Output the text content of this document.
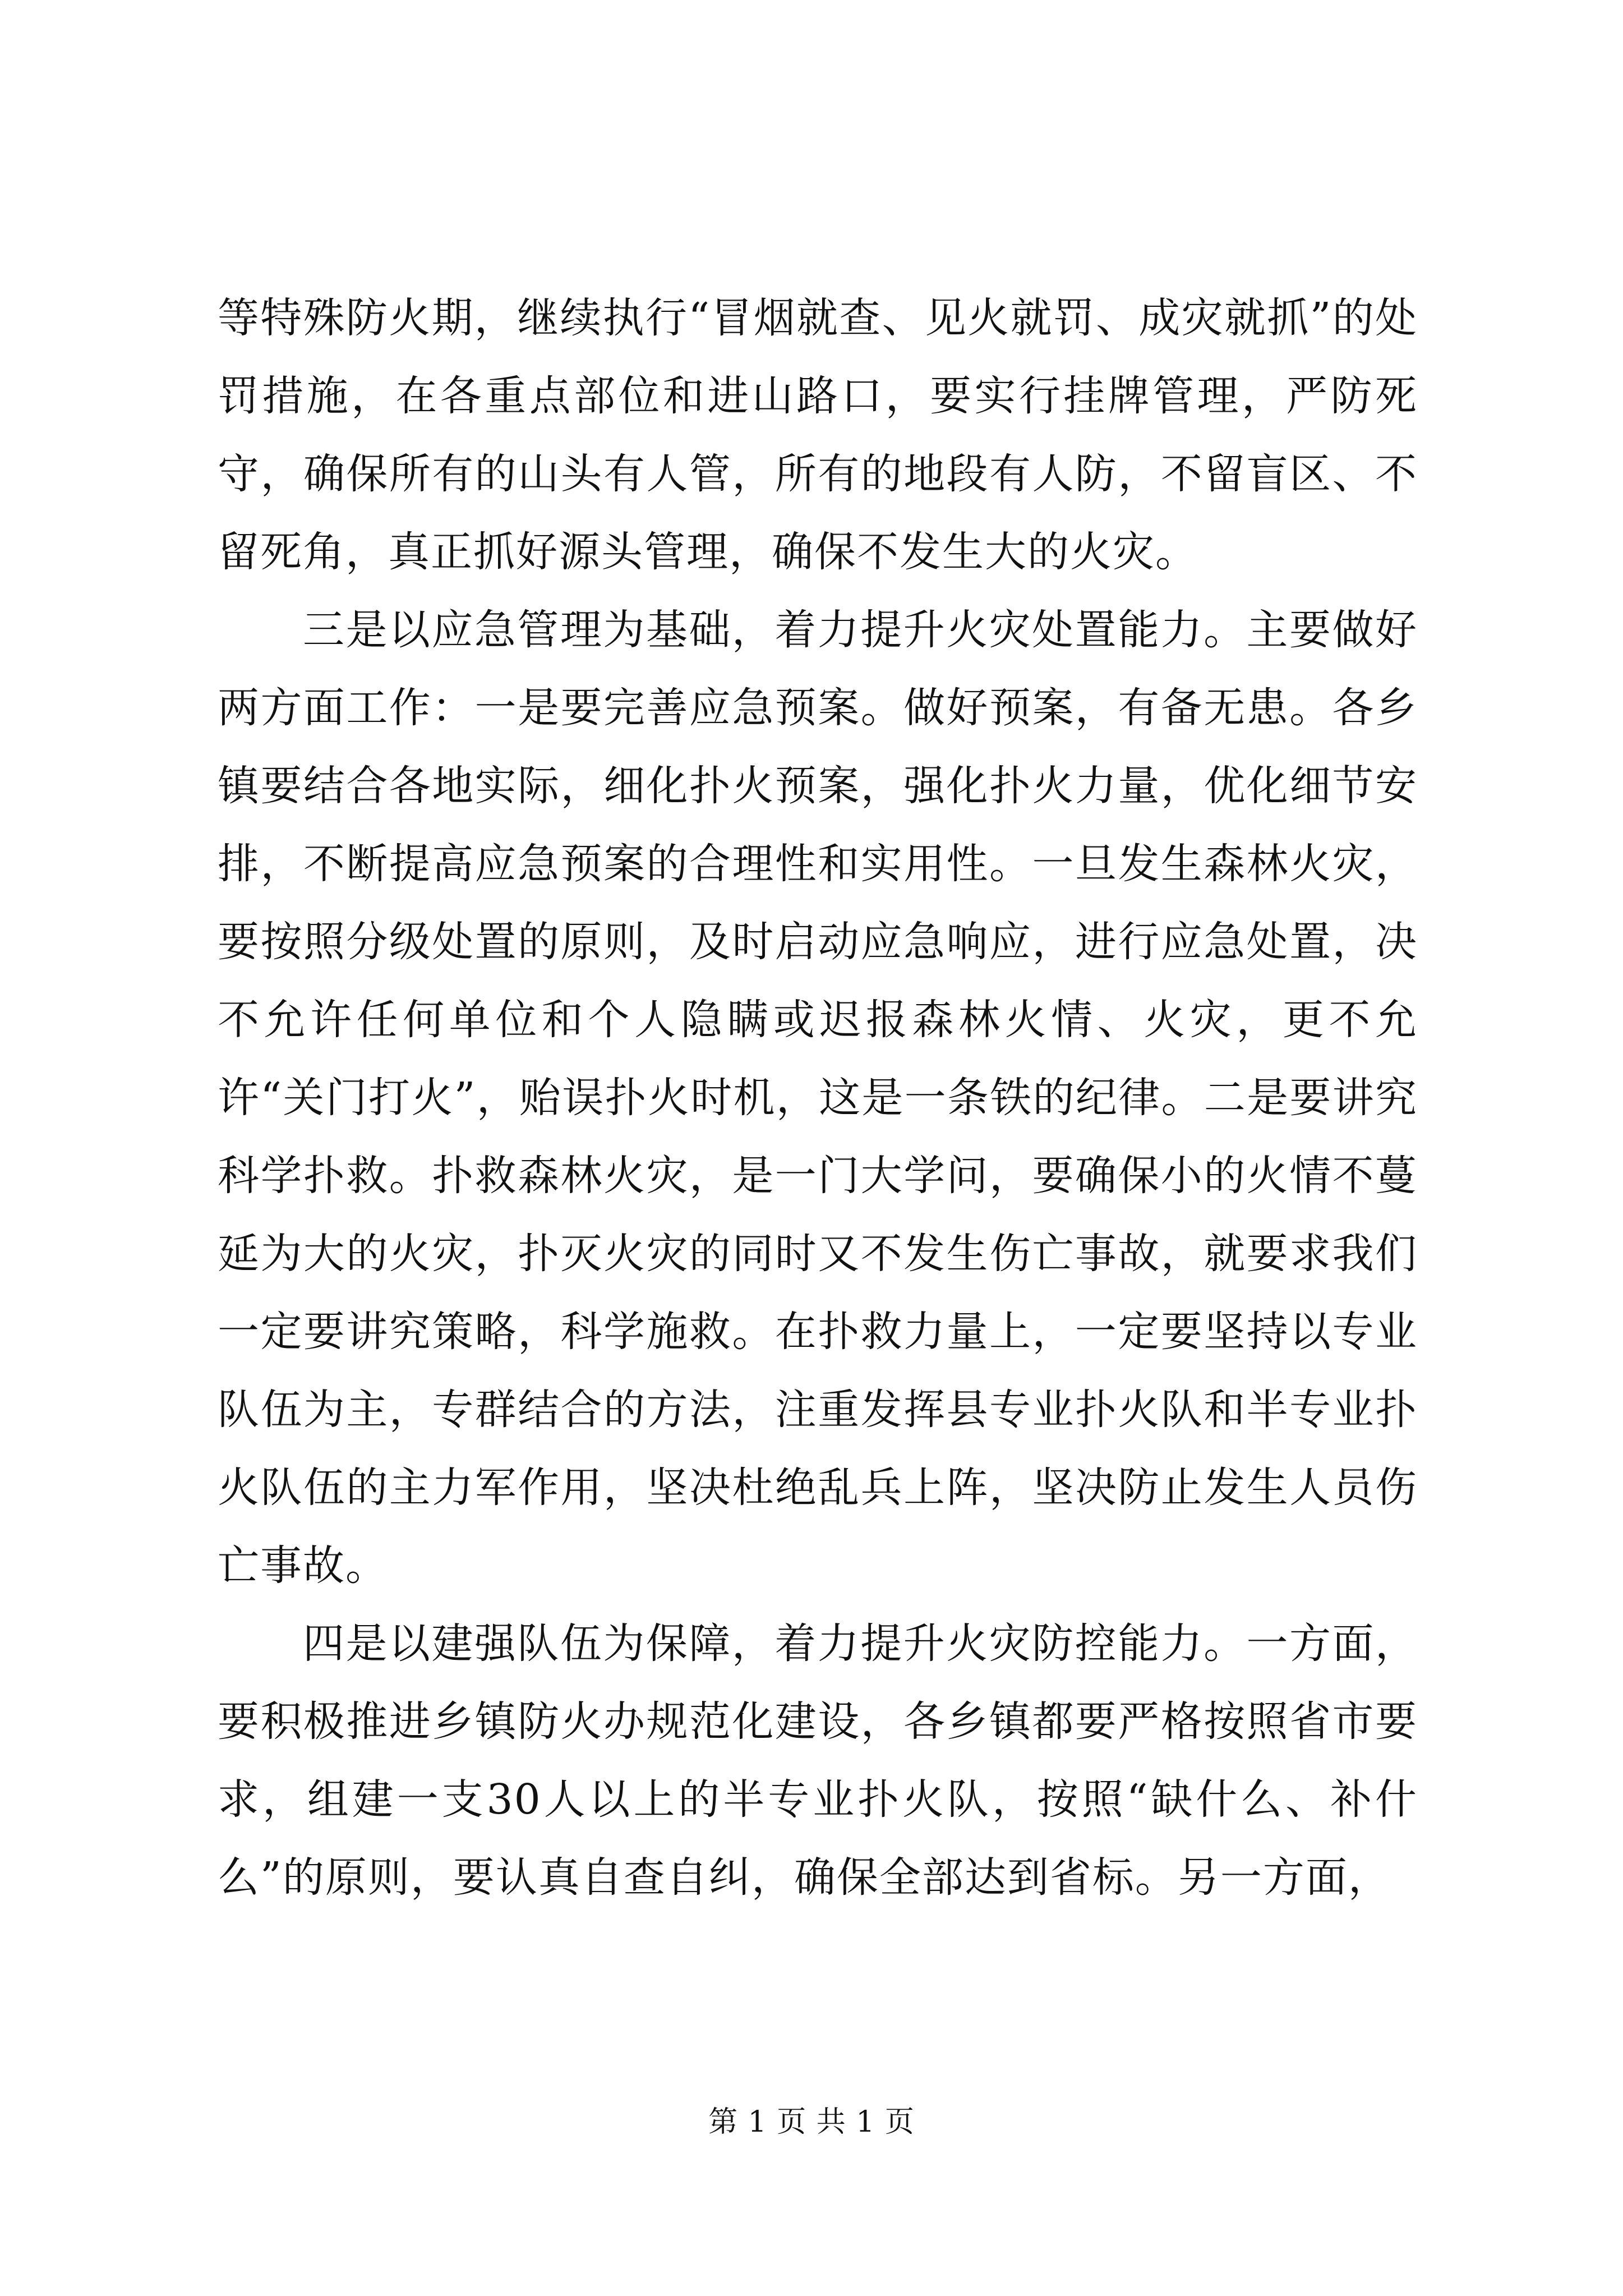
等特殊防火期，继续执行“冒烟就查、见火就罚、成灾就抓”的处罚措施，在各重点部位和进山路口，要实行挂牌管理，严防死守，确保所有的山头有人管，所有的地段有人防，不留盲区、不留死角，真正抓好源头管理，确保不发生大的火灾。

三是以应急管理为基础，着力提升火灾处置能力。主要做好两方面工作：一是要完善应急预案。做好预案，有备无患。各乡镇要结合各地实际，细化扑火预案，强化扑火力量，优化细节安排，不断提高应急预案的合理性和实用性。一旦发生森林火灾，要按照分级处置的原则，及时启动应急响应，进行应急处置，决不允许任何单位和个人隐瞒或迟报森林火情、火灾，更不允许“关门打火”，贻误扑火时机，这是一条铁的纪律。二是要讲究科学扑救。扑救森林火灾，是一门大学问，要确保小的火情不蔓延为大的火灾，扑灭火灾的同时又不发生伤亡事故，就要求我们一定要讲究策略，科学施救。在扑救力量上，一定要坚持以专业队伍为主，专群结合的方法，注重发挥县专业扑火队和半专业扑火队伍的主力军作用，坚决杜绝乱兵上阵，坚决防止发生人员伤亡事故。

四是以建强队伍为保障，着力提升火灾防控能力。一方面，要积极推进乡镇防火办规范化建设，各乡镇都要严格按照省市要求，组建一支30人以上的半专业扑火队，按照“缺什么、补什么”的原则，要认真自查自纠，确保全部达到省标。另一方面，

第 1 页 共 1 页
